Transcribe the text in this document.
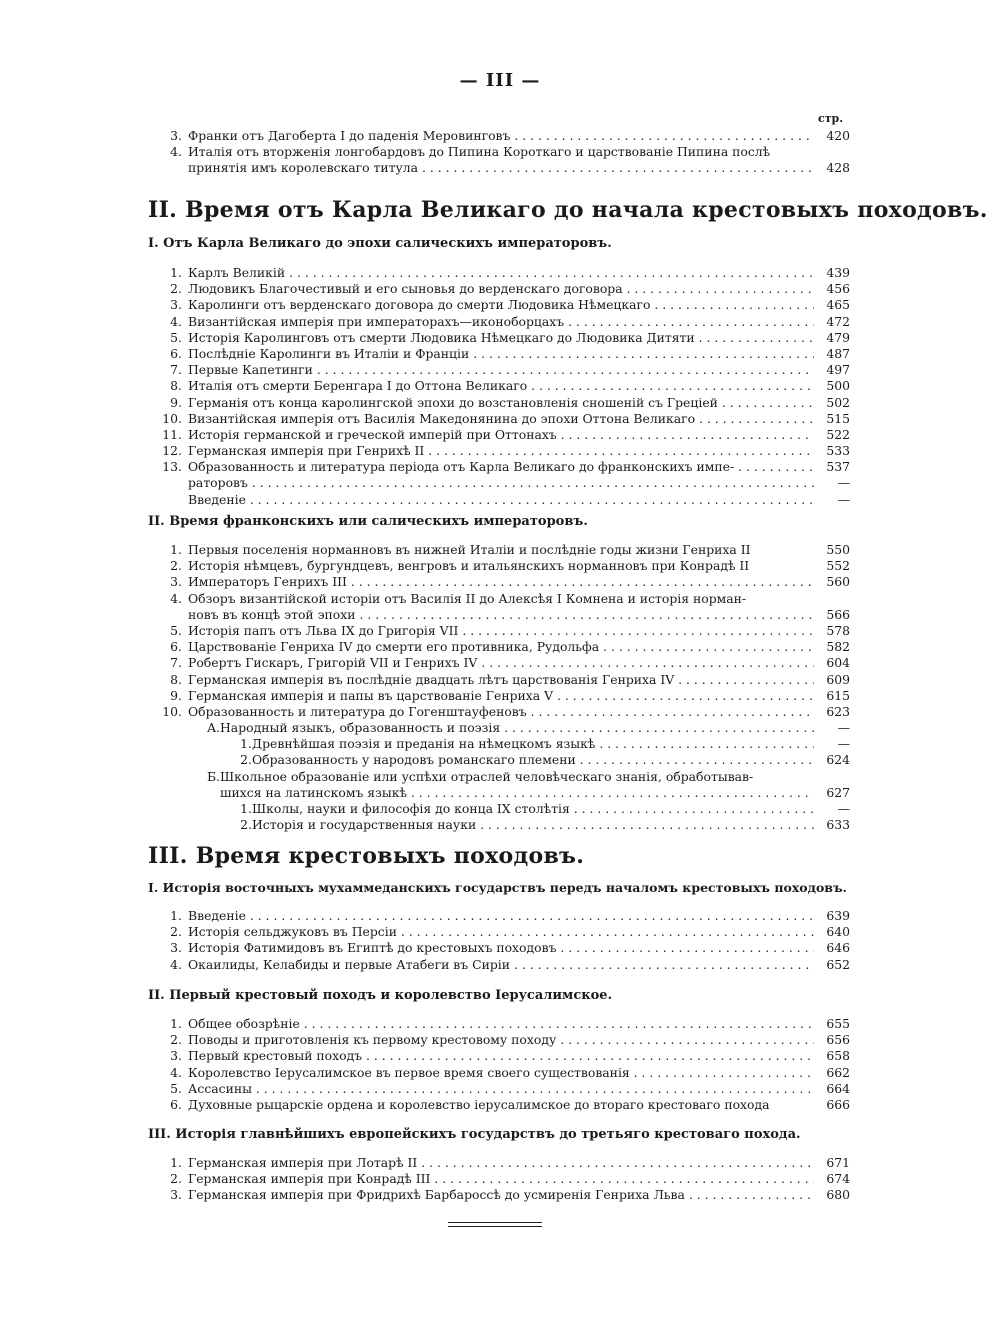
— III —
стр.
3. Франки отъ Дагоберта I до паденія Меровинговъ . . .	420
4. Италія отъ вторженія лонгобардовъ до Пипина Короткаго и царствованіе Пипина послѣ
принятія имъ королевскаго титула . . .	428
II. Время отъ Карла Великаго до начала крестовыхъ походовъ.
I. Отъ Карла Великаго до эпохи салическихъ императоровъ.
1. Карлъ Великій . . .	439
2. Людовикъ Благочестивый и его сыновья до верденскаго договора . . .	456
3. Каролинги отъ верденскаго договора до смерти Людовика Нѣмецкаго . . .	465
4. Византійская имперія при императорахъ—иконоборцахъ . . .	472
5. Исторія Каролинговъ отъ смерти Людовика Нѣмецкаго до Людовика Дитяти . . .	479
6. Послѣдніе Каролинги въ Италіи и Франціи . . .	487
7. Первые Капетинги . . .	497
8. Италія отъ смерти Беренгара I до Оттона Великаго . . .	500
9. Германія отъ конца каролингской эпохи до возстановленія сношеній съ Греціей . . .	502
10. Византійская имперія отъ Василія Македонянина до эпохи Оттона Великаго . . .	515
11. Исторія германской и греческой имперій при Оттонахъ . . .	522
12. Германская имперія при Генрихѣ II . . .	533
13. Образованность и литература періода отъ Карла Великаго до франконскихъ импе- . . .	537
раторовъ . . .	—
Введеніе . . .	—
II. Время франконскихъ или салическихъ императоровъ.
1. Первыя поселенія норманновъ въ нижней Италіи и послѣдніе годы жизни Генриха II	550
2. Исторія нѣмцевъ, бургундцевъ, венгровъ и итальянскихъ норманновъ при Конрадѣ II	552
3. Императоръ Генрихъ III . . .	560
4. Обзоръ византійской исторіи отъ Василія II до Алексѣя I Комнена и исторія норман-
новъ въ концѣ этой эпохи . . .	566
5. Исторія папъ отъ Льва IX до Григорія VII . . .	578
6. Царствованіе Генриха IV до смерти его противника, Рудольфа . . .	582
7. Робертъ Гискаръ, Григорій VII и Генрихъ IV . . .	604
8. Германская имперія въ послѣдніе двадцать лѣтъ царствованія Генриха IV . . .	609
9. Германская имперія и папы въ царствованіе Генриха V . . .	615
10. Образованность и литература до Гогенштауфеновъ . . .	623
A. Народный языкъ, образованность и поэзія . . .	—
1. Древнѣйшая поэзія и преданія на нѣмецкомъ языкѣ . . .	—
2. Образованность у народовъ романскаго племени . . .	624
Б. Школьное образованіе или успѣхи отраслей человѣческаго знанія, обработывав-
шихся на латинскомъ языкѣ . . .	627
1. Школы, науки и философія до конца IX столѣтія . . .	—
2. Исторія и государственныя науки . . .	633
III. Время крестовыхъ походовъ.
I. Исторія восточныхъ мухаммеданскихъ государствъ передъ началомъ крестовыхъ походовъ.
1. Введеніе . . .	639
2. Исторія сельджуковъ въ Персіи . . .	640
3. Исторія Фатимидовъ въ Египтѣ до крестовыхъ походовъ . . .	646
4. Окаилиды, Келабиды и первые Атабеги въ Сиріи . . .	652
II. Первый крестовый походъ и королевство Іерусалимское.
1. Общее обозрѣніе . . .	655
2. Поводы и приготовленія къ первому крестовому походу . . .	656
3. Первый крестовый походъ . . .	658
4. Королевство Іерусалимское въ первое время своего существованія . . .	662
5. Ассасины . . .	664
6. Духовные рыцарскіе ордена и королевство іерусалимское до втораго крестоваго похода	666
III. Исторія главнѣйшихъ европейскихъ государствъ до третьяго крестоваго похода.
1. Германская имперія при Лотарѣ II . . .	671
2. Германская имперія при Конрадѣ III . . .	674
3. Германская имперія при Фридрихѣ Барбароссѣ до усмиренія Генриха Льва . . .	680
